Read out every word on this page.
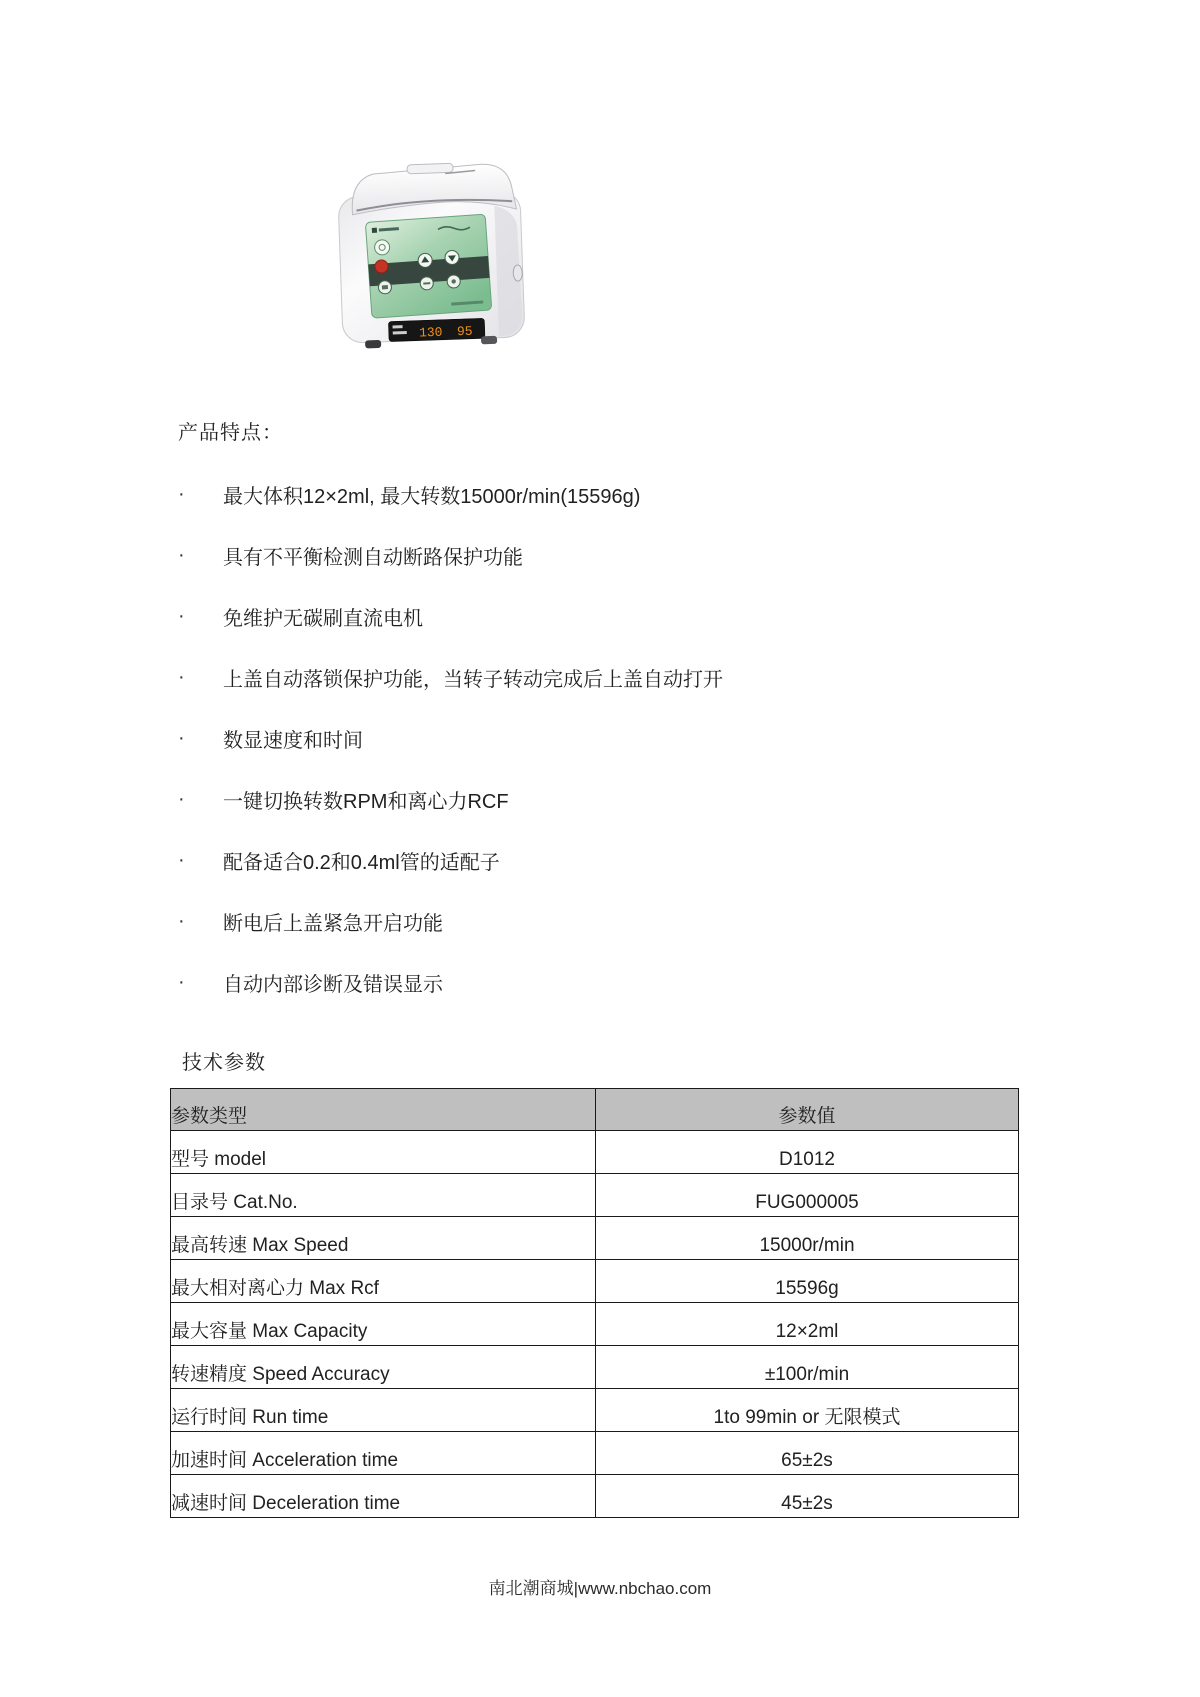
130 95
产品特点：
·	最大体积12×2ml, 最大转数15000r/min(15596g)
·	具有不平衡检测自动断路保护功能
·	免维护无碳刷直流电机
·	上盖自动落锁保护功能，当转子转动完成后上盖自动打开
·	数显速度和时间
·	一键切换转数RPM和离心力RCF
·	配备适合0.2和0.4ml管的适配子
·	断电后上盖紧急开启功能
·	自动内部诊断及错误显示
技术参数
参数类型	参数值
型号 model	D1012
目录号 Cat.No.	FUG000005
最高转速 Max Speed	15000r/min
最大相对离心力 Max Rcf	15596g
最大容量 Max Capacity	12×2ml
转速精度 Speed Accuracy	±100r/min
运行时间 Run time	1to 99min or 无限模式
加速时间 Acceleration time	65±2s
减速时间 Deceleration time	45±2s
南北潮商城|www.nbchao.com
